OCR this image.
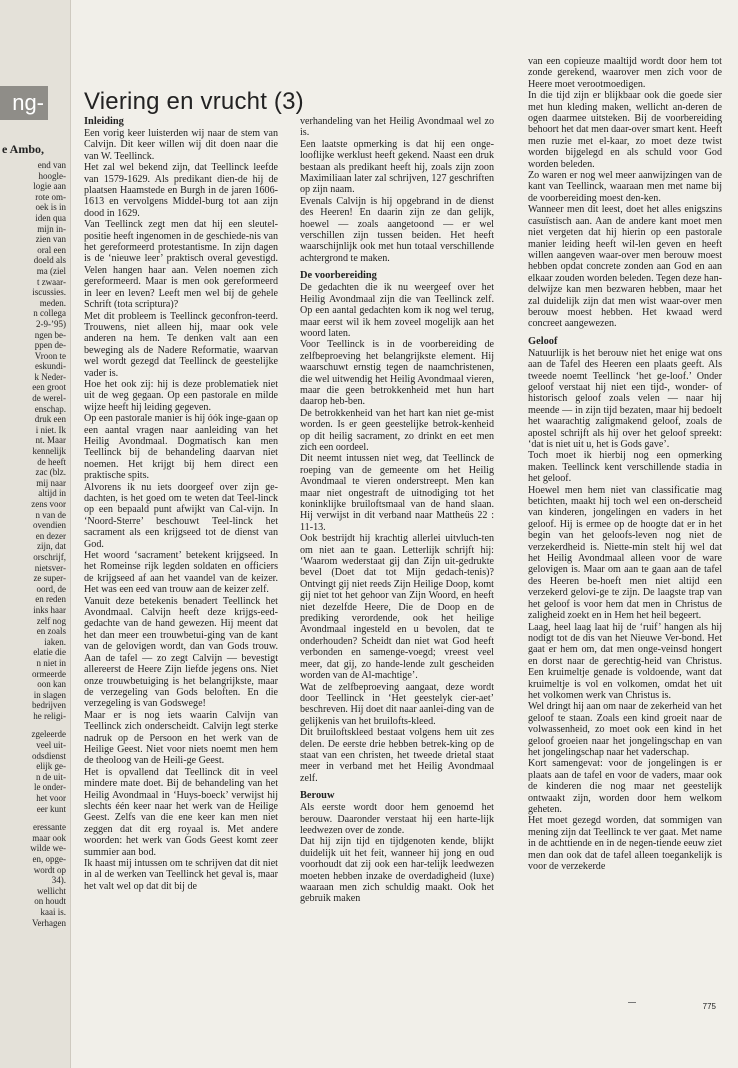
ng-
e Ambo,
end van
hoogle-
logie aan
rote om-
oek is in
iden qua
mijn in-
zien van
oral een
doeld als
ma (ziel
t zwaar-
iscussies.
meden.
n collega
2-9-’95)
ngen be-
ppen de-
Vroon te
eskundi-
k Neder-
een groot
de werel-
enschap.
druk een
i niet. Ik
nt. Maar
kennelijk
de heeft
zac (blz.
mij naar
altijd in
zens voor
n van de
ovendien
en dezer
zijn, dat
orschrijf,
nietsver-
ze super-
oord, de
en reden
inks haar
zelf nog
en zoals
iaken.
elatie die
n niet in
ormeerde
oon kan
in slagen
bedrijven
he religi-
zgeleerde
veel uit-
odsdienst
elijk ge-
n de uit-
le onder-
het voor
eer kunt
eressante
maar ook
wilde we-
en, opge-
wordt op
34).
wellicht
on houdt
kaai is.
Verhagen
Viering en vrucht (3)
Inleiding

Een vorig keer luisterden wij naar de stem van Calvijn. Dit keer willen wij dit doen naar die van W. Teellinck.

Het zal wel bekend zijn, dat Teellinck leefde van 1579-1629. Als predikant dien-de hij de plaatsen Haamstede en Burgh in de jaren 1606-1613 en vervolgens Middel-burg tot aan zijn dood in 1629.

Van Teellinck zegt men dat hij een sleutel-positie heeft ingenomen in de geschiede-nis van het gereformeerd protestantisme. In zijn dagen is de ‘nieuwe leer’ praktisch overal gevestigd. Velen hangen haar aan. Velen noemen zich gereformeerd. Maar is men ook gereformeerd in leer en leven? Leeft men wel bij de gehele Schrift (tota scriptura)?

Met dit probleem is Teellinck geconfron-teerd. Trouwens, niet alleen hij, maar ook vele anderen na hem. Te denken valt aan een beweging als de Nadere Reformatie, waarvan wel wordt gezegd dat Teellinck de geestelijke vader is.

Hoe het ook zij: hij is deze problematiek niet uit de weg gegaan. Op een pastorale en milde wijze heeft hij leiding gegeven.

Op een pastorale manier is hij óók inge-gaan op een aantal vragen naar aanleiding van het Heilig Avondmaal. Dogmatisch kan men Teellinck bij de behandeling daarvan niet noemen. Het krijgt bij hem direct een praktische spits.

Alvorens ik nu iets doorgeef over zijn ge-dachten, is het goed om te weten dat Teel-linck op een bepaald punt afwijkt van Cal-vijn. In ‘Noord-Sterre’ beschouwt Teel-linck het sacrament als een krijgseed tot de dienst van God.

Het woord ‘sacrament’ betekent krijgseed. In het Romeinse rijk legden soldaten en officiers de krijgseed af aan het vaandel van de keizer. Het was een eed van trouw aan de keizer zelf.

Vanuit deze betekenis benadert Teellinck het Avondmaal. Calvijn heeft deze krijgs-eed-gedachte van de hand gewezen. Hij meent dat het dan meer een trouwbetui-ging van de kant van de gelovigen wordt, dan van Gods trouw. Aan de tafel — zo zegt Calvijn — bevestigt allereerst de Heere Zijn liefde jegens ons. Niet onze trouwbetuiging is het belangrijkste, maar de verzegeling van Gods beloften. En die verzegeling is van Godswege!

Maar er is nog iets waarin Calvijn van Teellinck zich onderscheidt. Calvijn legt sterke nadruk op de Persoon en het werk van de Heilige Geest. Niet voor niets noemt men hem de theoloog van de Heili-ge Geest.

Het is opvallend dat Teellinck dit in veel mindere mate doet. Bij de behandeling van het Heilig Avondmaal in ‘Huys-boeck’ verwijst hij slechts één keer naar het werk van de Heilige Geest. Zelfs van die ene keer kan men niet zeggen dat dit erg royaal is. Met andere woorden: het werk van Gods Geest komt zeer summier aan bod.

Ik haast mij intussen om te schrijven dat dit niet in al de werken van Teellinck het geval is, maar het valt wel op dat dit bij de

verhandeling van het Heilig Avondmaal wel zo is.

Een laatste opmerking is dat hij een onge-looflijke werklust heeft gekend. Naast een druk bestaan als predikant heeft hij, zoals zijn zoon Maximiliaan later zal schrijven, 127 geschriften op zijn naam.

Evenals Calvijn is hij opgebrand in de dienst des Heeren! En daarin zijn ze dan gelijk, hoewel — zoals aangetoond — er wel verschillen zijn tussen beiden. Het heeft waarschijnlijk ook met hun totaal verschillende achtergrond te maken.

De voorbereiding

De gedachten die ik nu weergeef over het Heilig Avondmaal zijn die van Teellinck zelf. Op een aantal gedachten kom ik nog wel terug, maar eerst wil ik hem zoveel mogelijk aan het woord laten.

Voor Teellinck is in de voorbereiding de zelfbeproeving het belangrijkste element. Hij waarschuwt ernstig tegen de naamchristenen, die wel uitwendig het Heilig Avondmaal vieren, maar die geen betrokkenheid met hun hart daarop heb-ben.

De betrokkenheid van het hart kan niet ge-mist worden. Is er geen geestelijke betrok-kenheid op dit heilig sacrament, zo drinkt en eet men zich een oordeel.

Dit neemt intussen niet weg, dat Teellinck de roeping van de gemeente om het Heilig Avondmaal te vieren onderstreept. Men kan maar niet ongestraft de uitnodiging tot het koninklijke bruiloftsmaal van de hand slaan. Hij verwijst in dit verband naar Mattheüs 22 : 11-13.

Ook bestrijdt hij krachtig allerlei uitvluch-ten om niet aan te gaan. Letterlijk schrijft hij: ‘Waarom wederstaat gij dan Zijn uit-gedrukte bevel (Doet dat tot Mijn gedach-tenis)? Ontvingt gij niet reeds Zijn Heilige Doop, komt gij niet tot het gehoor van Zijn Woord, en heeft niet dezelfde Heere, Die de Doop en de prediking verordende, ook het heilige Avondmaal ingesteld en u bevolen, dat te onderhouden? Scheidt dan niet wat God heeft verbonden en samenge-voegd; vreest veel meer, dat gij, zo hande-lende zult gescheiden worden van de Al-machtige’.

Wat de zelfbeproeving aangaat, deze wordt door Teellinck in ‘Het geestelyk cier-aet’ beschreven. Hij doet dit naar aanlei-ding van de gelijkenis van het bruilofts-kleed.

Dit bruiloftskleed bestaat volgens hem uit zes delen. De eerste drie hebben betrek-king op de staat van een christen, het tweede drietal staat meer in verband met het Heilig Avondmaal zelf.

Berouw

Als eerste wordt door hem genoemd het berouw. Daaronder verstaat hij een harte-lijk leedwezen over de zonde.

Dat hij zijn tijd en tijdgenoten kende, blijkt duidelijk uit het feit, wanneer hij jong en oud voorhoudt dat zij ook een har-telijk leedwezen moeten hebben inzake de overdadigheid (luxe) waaraan men zich schuldig maakt. Ook het gebruik maken

van een copieuze maaltijd wordt door hem tot zonde gerekend, waarover men zich voor de Heere moet verootmoedigen.

In die tijd zijn er blijkbaar ook die goede sier met hun kleding maken, wellicht an-deren de ogen daarmee uitsteken. Bij de voorbereiding behoort het dat men daar-over smart kent. Heeft men ruzie met el-kaar, zo moet deze twist worden bijgelegd en als schuld voor God worden beleden.

Zo waren er nog wel meer aanwijzingen van de kant van Teellinck, waaraan men met name bij de voorbereiding moest den-ken.

Wanneer men dit leest, doet het alles enigszins casuïstisch aan. Aan de andere kant moet men niet vergeten dat hij hierin op een pastorale manier leiding heeft wil-len geven en heeft willen aangeven waar-over men berouw moest hebben opdat concrete zonden aan God en aan elkaar zouden worden beleden. Tegen deze han-delwijze kan men bezwaren hebben, maar het zal duidelijk zijn dat men wist waar-over men berouw moest hebben. Het kwaad werd concreet aangewezen.

Geloof

Natuurlijk is het berouw niet het enige wat ons aan de Tafel des Heeren een plaats geeft. Als tweede noemt Teellinck ‘het ge-loof.’ Onder geloof verstaat hij niet een tijd-, wonder- of historisch geloof zoals velen — naar hij meende — in zijn tijd bezaten, maar hij bedoelt het waarachtig zaligmakend geloof, zoals de apostel schrijft als hij over het geloof spreekt: ‘dat is niet uit u, het is Gods gave’.

Toch moet ik hierbij nog een opmerking maken. Teellinck kent verschillende stadia in het geloof.

Hoewel men hem niet van classificatie mag betichten, maakt hij toch wel een on-derscheid van kinderen, jongelingen en vaders in het geloof. Hij is ermee op de hoogte dat er in het begin van het geloofs-leven nog niet de verzekerdheid is. Niette-min stelt hij wel dat het Heilig Avondmaal alleen voor de ware gelovigen is. Maar om aan te gaan aan de tafel des Heeren be-hoeft men niet altijd een verzekerd gelovi-ge te zijn. De laagste trap van het geloof is voor hem dat men in Christus de zaligheid zoekt en in Hem het heil begeert.

Laag, heel laag laat hij de ‘ruif’ hangen als hij nodigt tot de dis van het Nieuwe Ver-bond. Het gaat er hem om, dat men onge-veinsd hongert en dorst naar de gerechtig-heid van Christus. Een kruimeltje genade is voldoende, want dat kruimeltje is vol en volkomen, omdat het uit het volkomen werk van Christus is.

Wel dringt hij aan om naar de zekerheid van het geloof te staan. Zoals een kind groeit naar de volwassenheid, zo moet ook een kind in het geloof groeien naar het jongelingschap en van het jongelingschap naar het vaderschap.

Kort samengevat: voor de jongelingen is er plaats aan de tafel en voor de vaders, maar ook de kinderen die nog maar net geestelijk ontwaakt zijn, worden door hem welkom geheten.

Het moet gezegd worden, dat sommigen van mening zijn dat Teellinck te ver gaat. Met name in de achttiende en in de negen-tiende eeuw ziet men dan ook dat de tafel alleen toegankelijk is voor de verzekerde

775
